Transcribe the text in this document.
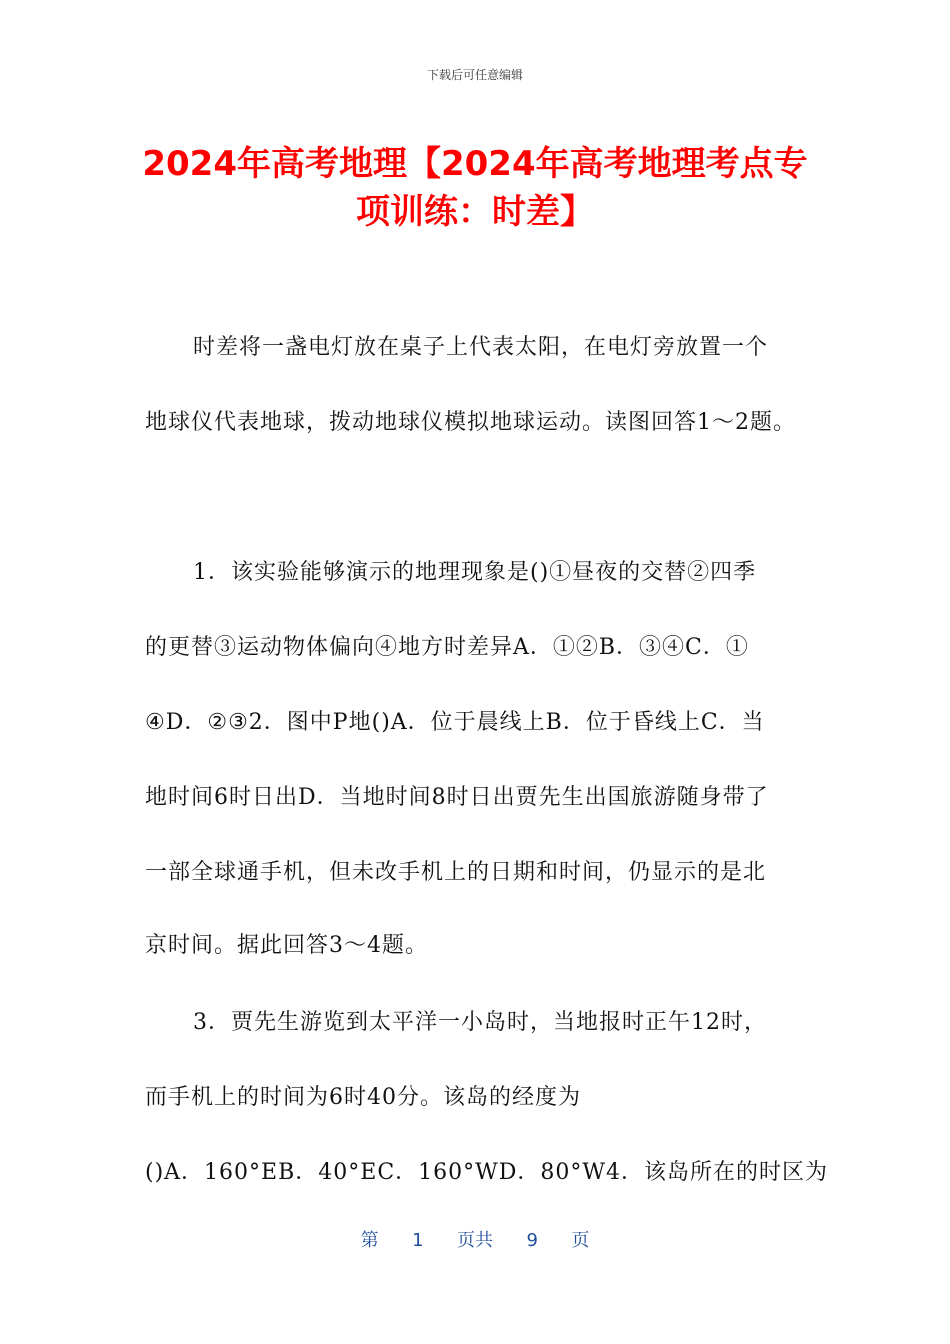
下载后可任意编辑
2024年高考地理【2024年高考地理考点专
项训练：时差】
时差将一盏电灯放在桌子上代表太阳，在电灯旁放置一个
地球仪代表地球，拨动地球仪模拟地球运动。读图回答1～2题。
1．该实验能够演示的地理现象是()①昼夜的交替②四季
的更替③运动物体偏向④地方时差异A．①②B．③④C．①
④D．②③2．图中P地()A．位于晨线上B．位于昏线上C．当
地时间6时日出D．当地时间8时日出贾先生出国旅游随身带了
一部全球通手机，但未改手机上的日期和时间，仍显示的是北
京时间。据此回答3～4题。
3．贾先生游览到太平洋一小岛时，当地报时正午12时，
而手机上的时间为6时40分。该岛的经度为
()A．160°EB．40°EC．160°WD．80°W4．该岛所在的时区为
第 1 页共 9 页
